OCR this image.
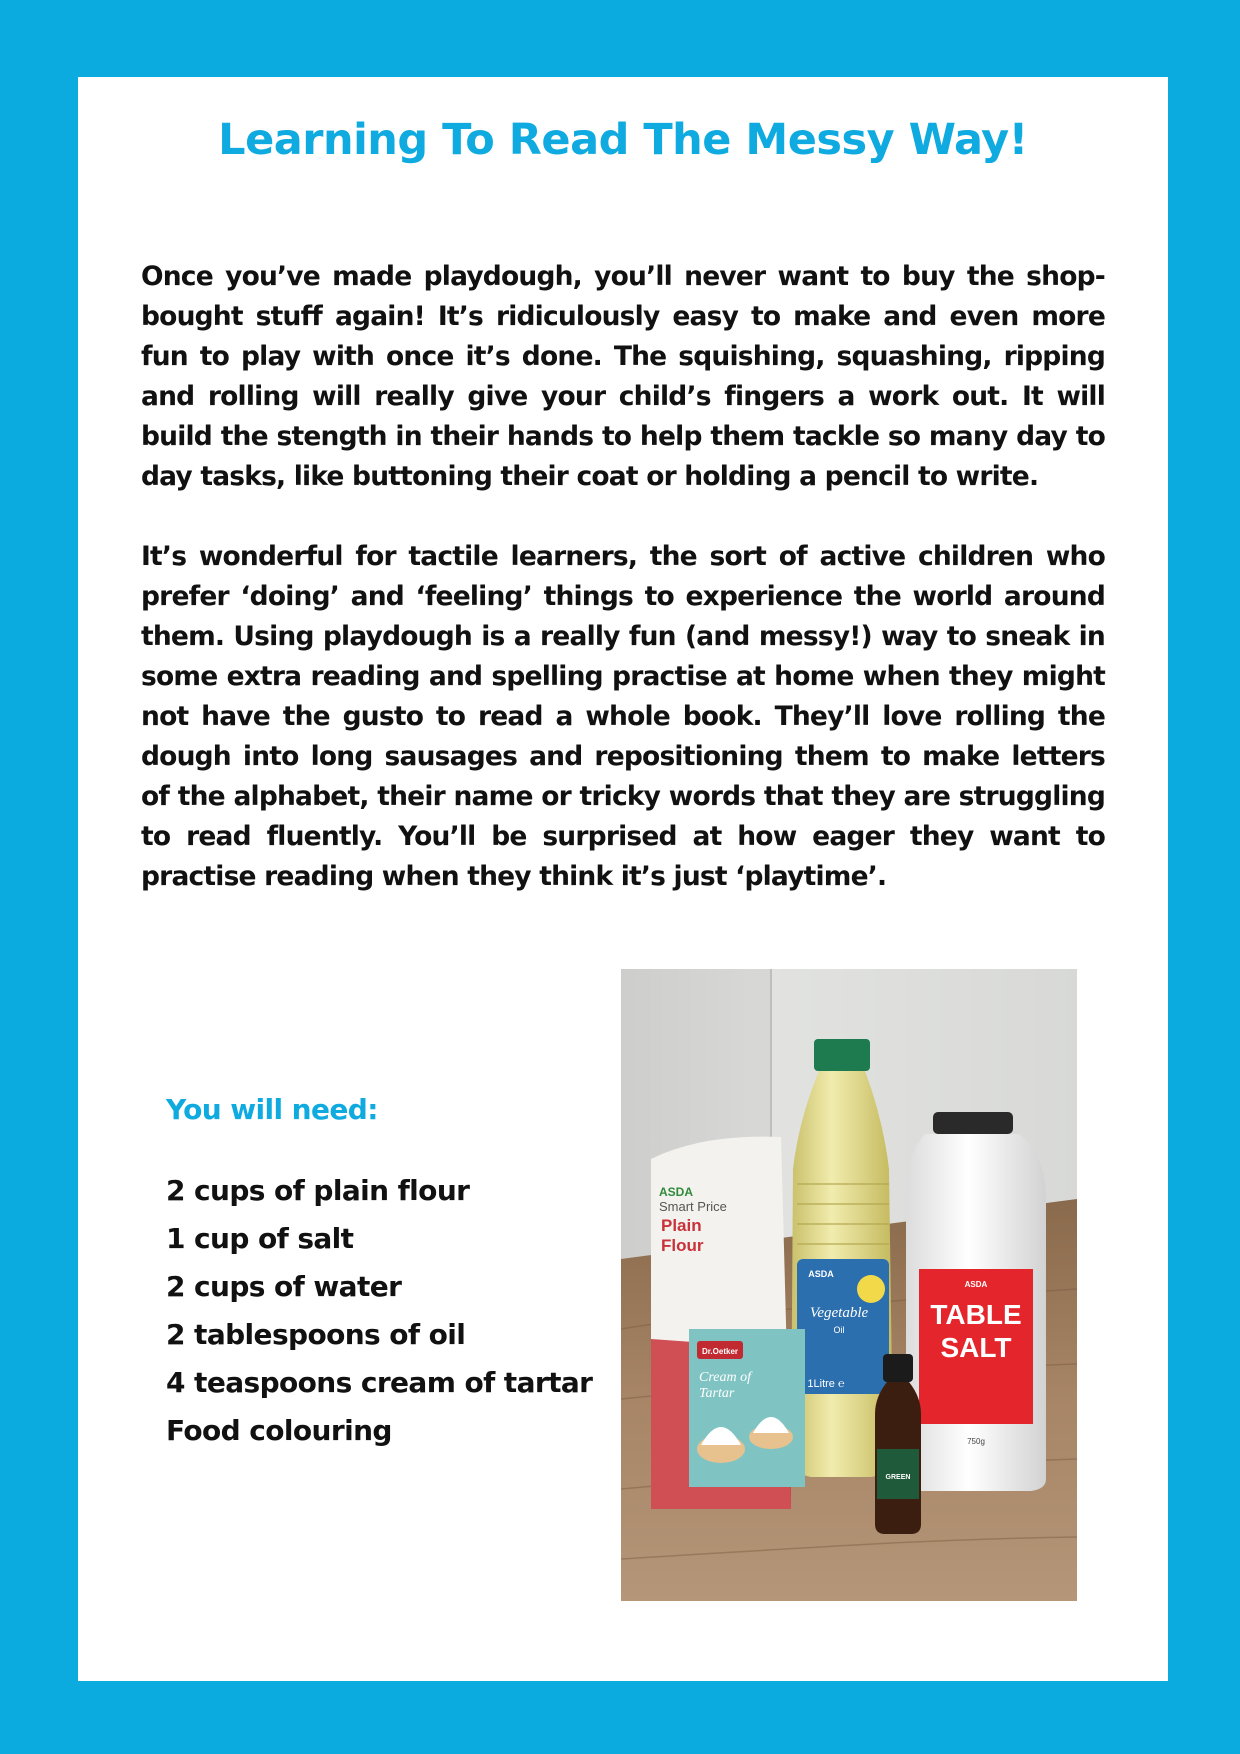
Learning To Read The Messy Way!

Once you’ve made playdough, you’ll never want to buy the shop-bought stuff again! It’s ridiculously easy to make and even more fun to play with once it’s done. The squishing, squashing, ripping and rolling will really give your child’s fingers a work out. It will build the stength in their hands to help them tackle so many day to day tasks, like buttoning their coat or holding a pencil to write.

It’s wonderful for tactile learners, the sort of active children who prefer ‘doing’ and ‘feeling’ things to experience the world around them. Using playdough is a really fun (and messy!) way to sneak in some extra reading and spelling practise at home when they might not have the gusto to read a whole book. They’ll love rolling the dough into long sausages and repositioning them to make letters of the alphabet, their name or tricky words that they are struggling to read fluently. You’ll be surprised at how eager they want to practise reading when they think it’s just ‘playtime’.

You will need:
2 cups of plain flour
1 cup of salt
2 cups of water
2 tablespoons of oil
4 teaspoons cream of tartar
Food colouring
ASDA
Smart Price
Plain
Flour
ASDA
TABLE
SALT
750g
ASDA
Vegetable
Oil
1Litre ℮
Dr.Oetker
Cream of
Tartar
GREEN
